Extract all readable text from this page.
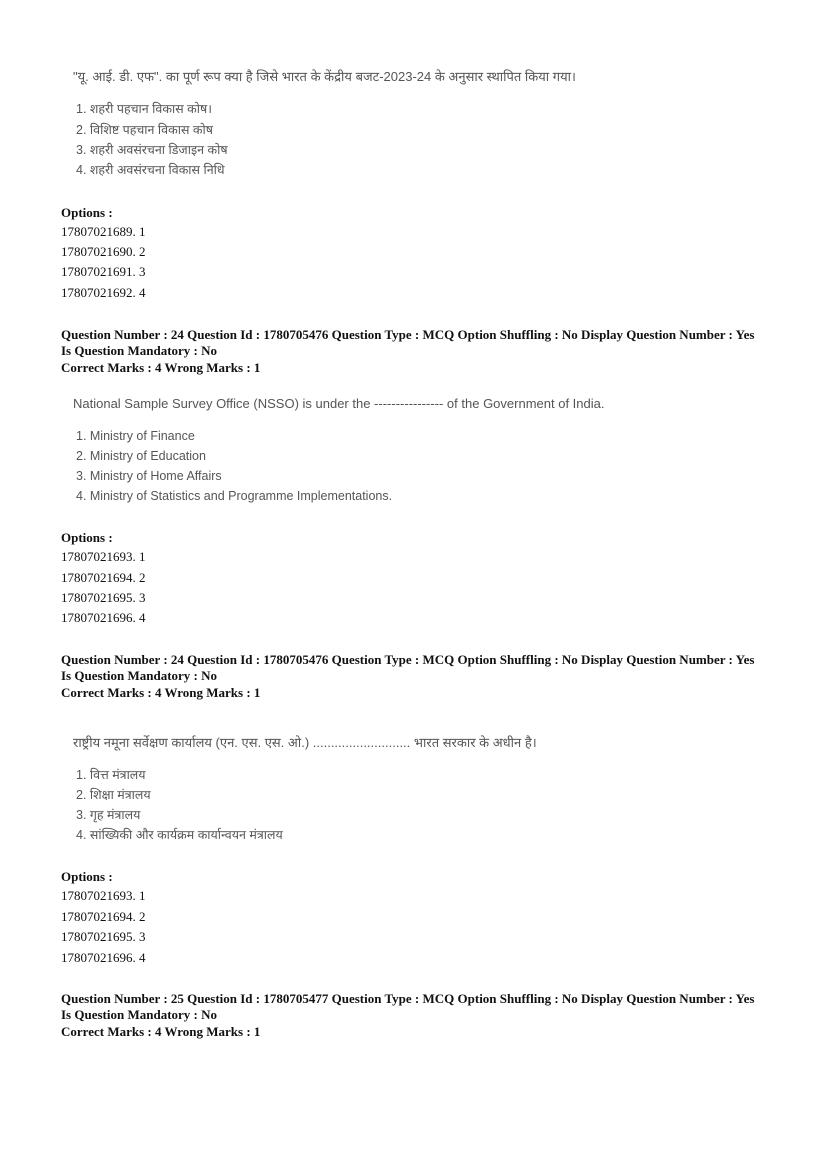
"यू. आई. डी. एफ". का पूर्ण रूप क्या है जिसे भारत के केंद्रीय बजट-2023-24 के अनुसार स्थापित किया गया।
1. शहरी पहचान विकास कोष।
2. विशिष्ट पहचान विकास कोष
3. शहरी अवसंरचना डिजाइन कोष
4. शहरी अवसंरचना विकास निधि
Options :
17807021689. 1
17807021690. 2
17807021691. 3
17807021692. 4
Question Number : 24 Question Id : 1780705476 Question Type : MCQ Option Shuffling : No Display Question Number : Yes
Is Question Mandatory : No
Correct Marks : 4 Wrong Marks : 1
National Sample Survey Office (NSSO) is under the ---------------- of the Government of India.
1. Ministry of Finance
2. Ministry of Education
3. Ministry of Home Affairs
4. Ministry of Statistics and Programme Implementations.
Options :
17807021693. 1
17807021694. 2
17807021695. 3
17807021696. 4
Question Number : 24 Question Id : 1780705476 Question Type : MCQ Option Shuffling : No Display Question Number : Yes
Is Question Mandatory : No
Correct Marks : 4 Wrong Marks : 1
राष्ट्रीय नमूना सर्वेक्षण कार्यालय (एन. एस. एस. ओ.) ........................... भारत सरकार के अधीन है।
1. वित्त मंत्रालय
2. शिक्षा मंत्रालय
3. गृह मंत्रालय
4. सांख्यिकी और कार्यक्रम कार्यान्वयन मंत्रालय
Options :
17807021693. 1
17807021694. 2
17807021695. 3
17807021696. 4
Question Number : 25 Question Id : 1780705477 Question Type : MCQ Option Shuffling : No Display Question Number : Yes
Is Question Mandatory : No
Correct Marks : 4 Wrong Marks : 1
